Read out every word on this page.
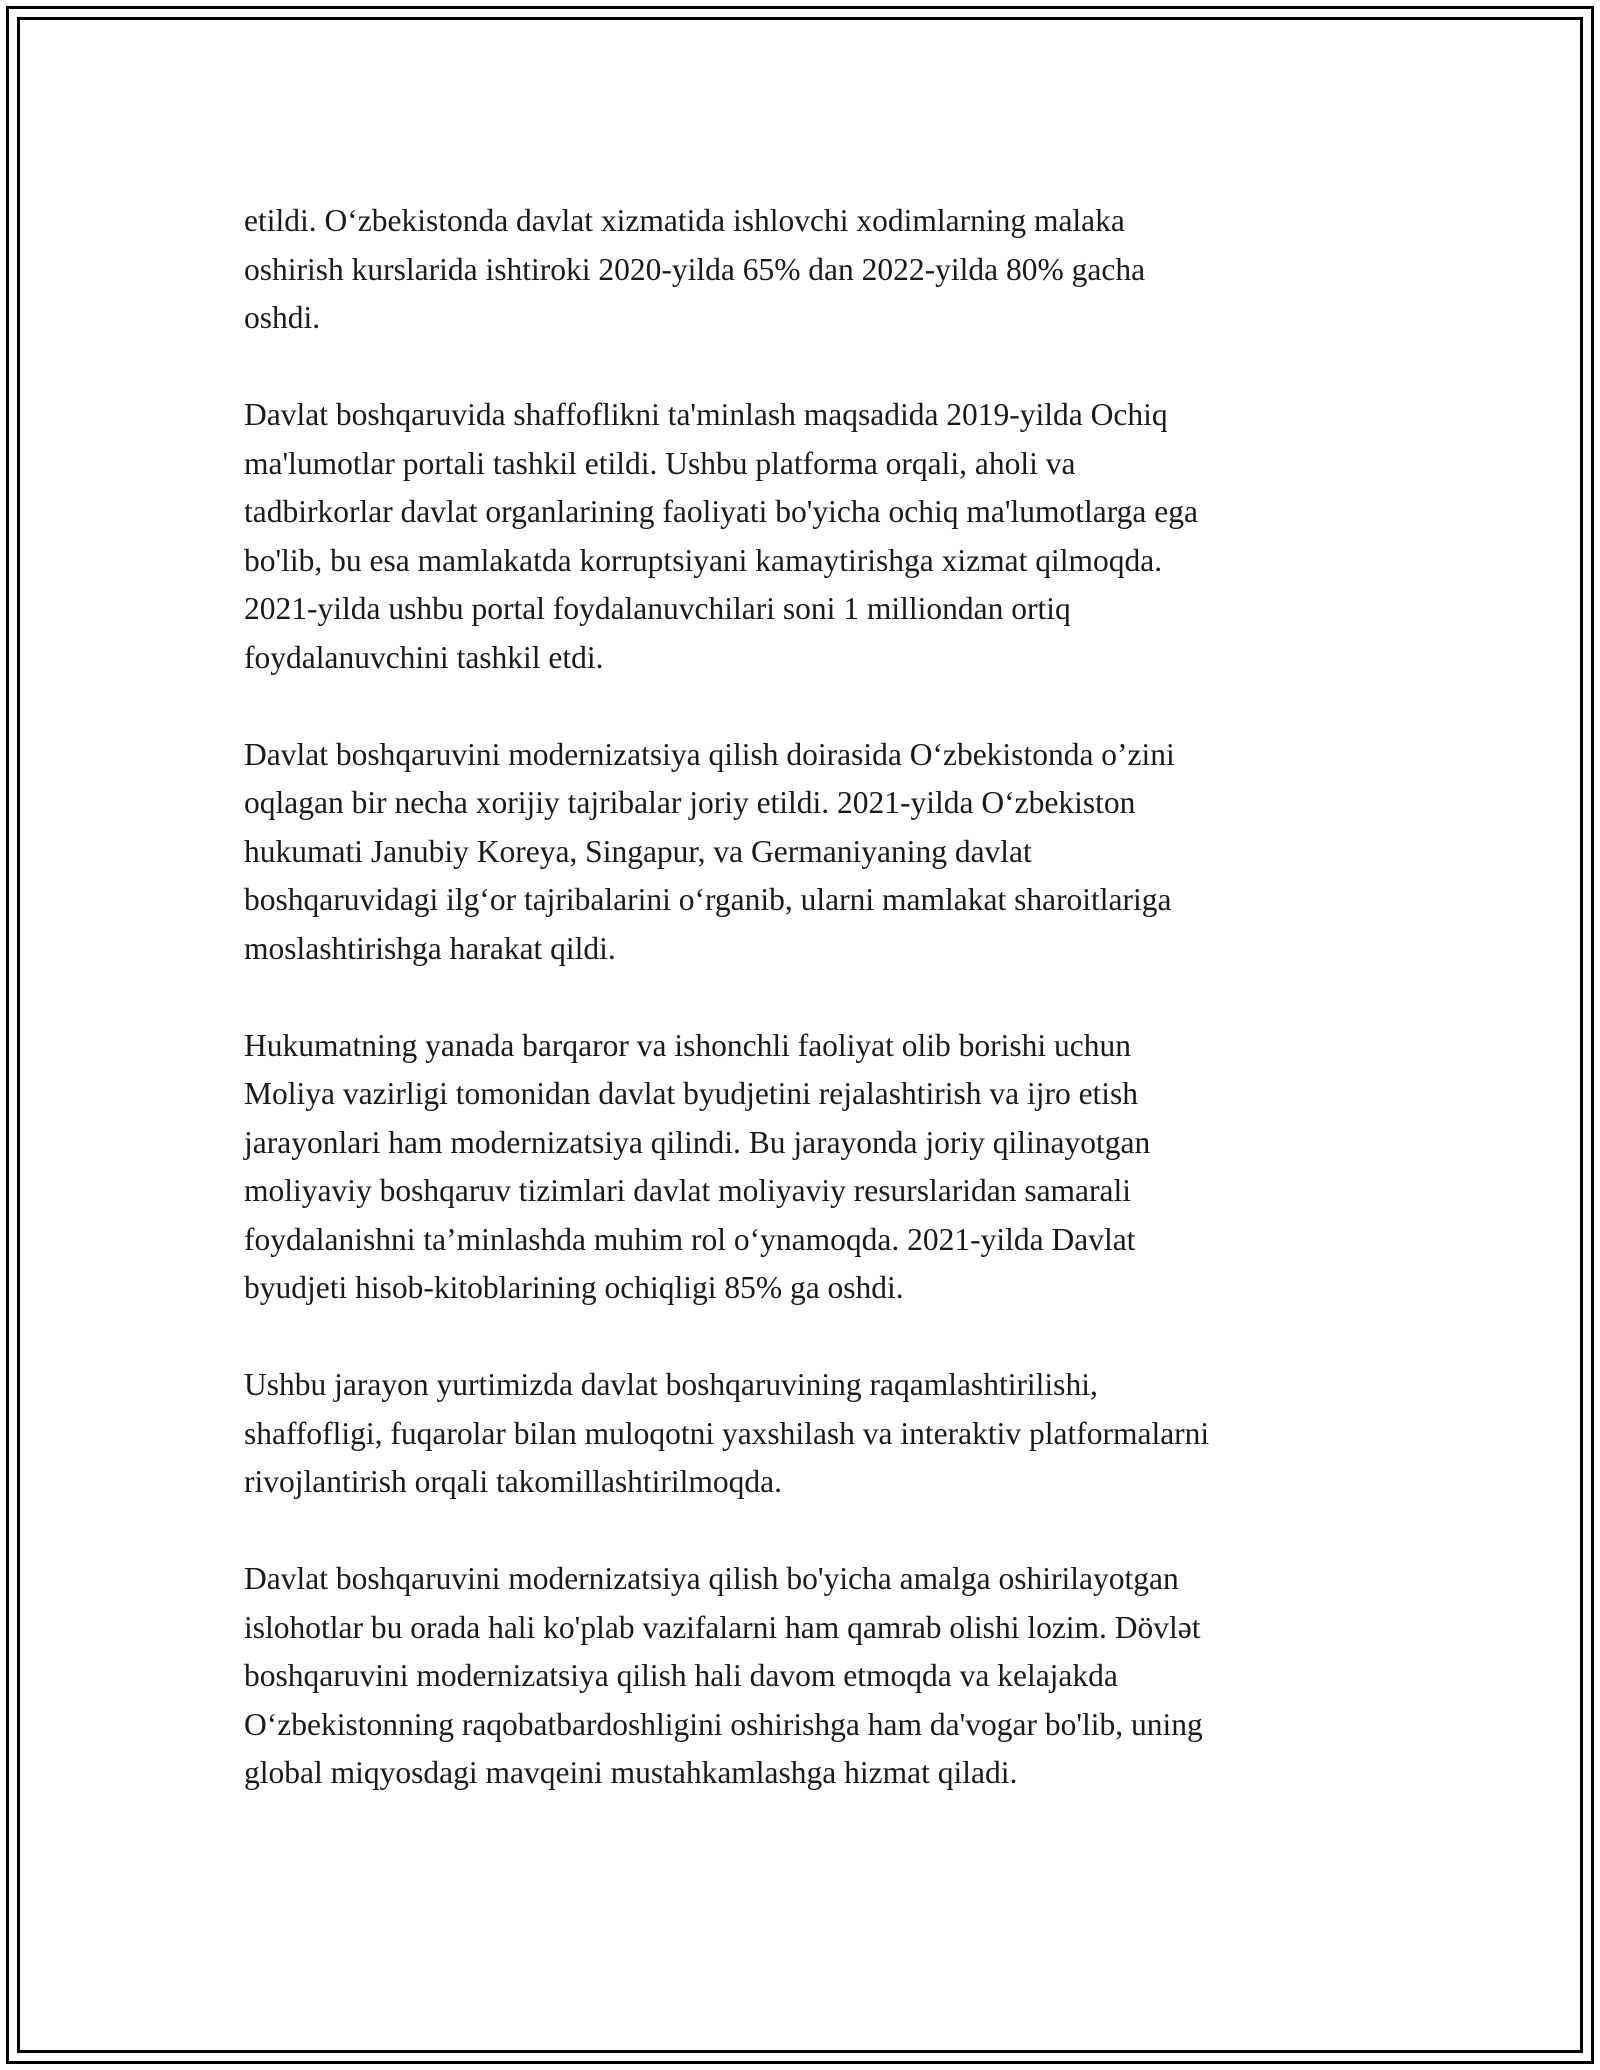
etildi. O‘zbekistonda davlat xizmatida ishlovchi xodimlarning malaka
oshirish kurslarida ishtiroki 2020-yilda 65% dan 2022-yilda 80% gacha
oshdi.

Davlat boshqaruvida shaffoflikni ta'minlash maqsadida 2019-yilda Ochiq
ma'lumotlar portali tashkil etildi. Ushbu platforma orqali, aholi va
tadbirkorlar davlat organlarining faoliyati bo'yicha ochiq ma'lumotlarga ega
bo'lib, bu esa mamlakatda korruptsiyani kamaytirishga xizmat qilmoqda.
2021-yilda ushbu portal foydalanuvchilari soni 1 milliondan ortiq
foydalanuvchini tashkil etdi.

Davlat boshqaruvini modernizatsiya qilish doirasida O‘zbekistonda o’zini
oqlagan bir necha xorijiy tajribalar joriy etildi. 2021-yilda O‘zbekiston
hukumati Janubiy Koreya, Singapur, va Germaniyaning davlat
boshqaruvidagi ilg‘or tajribalarini o‘rganib, ularni mamlakat sharoitlariga
moslashtirishga harakat qildi.

Hukumatning yanada barqaror va ishonchli faoliyat olib borishi uchun
Moliya vazirligi tomonidan davlat byudjetini rejalashtirish va ijro etish
jarayonlari ham modernizatsiya qilindi. Bu jarayonda joriy qilinayotgan
moliyaviy boshqaruv tizimlari davlat moliyaviy resurslaridan samarali
foydalanishni ta’minlashda muhim rol o‘ynamoqda. 2021-yilda Davlat
byudjeti hisob-kitoblarining ochiqligi 85% ga oshdi.

Ushbu jarayon yurtimizda davlat boshqaruvining raqamlashtirilishi,
shaffofligi, fuqarolar bilan muloqotni yaxshilash va interaktiv platformalarni
rivojlantirish orqali takomillashtirilmoqda.

Davlat boshqaruvini modernizatsiya qilish bo'yicha amalga oshirilayotgan
islohotlar bu orada hali ko'plab vazifalarni ham qamrab olishi lozim. Dövlət
boshqaruvini modernizatsiya qilish hali davom etmoqda va kelajakda
O‘zbekistonning raqobatbardoshligini oshirishga ham da'vogar bo'lib, uning
global miqyosdagi mavqeini mustahkamlashga hizmat qiladi.
